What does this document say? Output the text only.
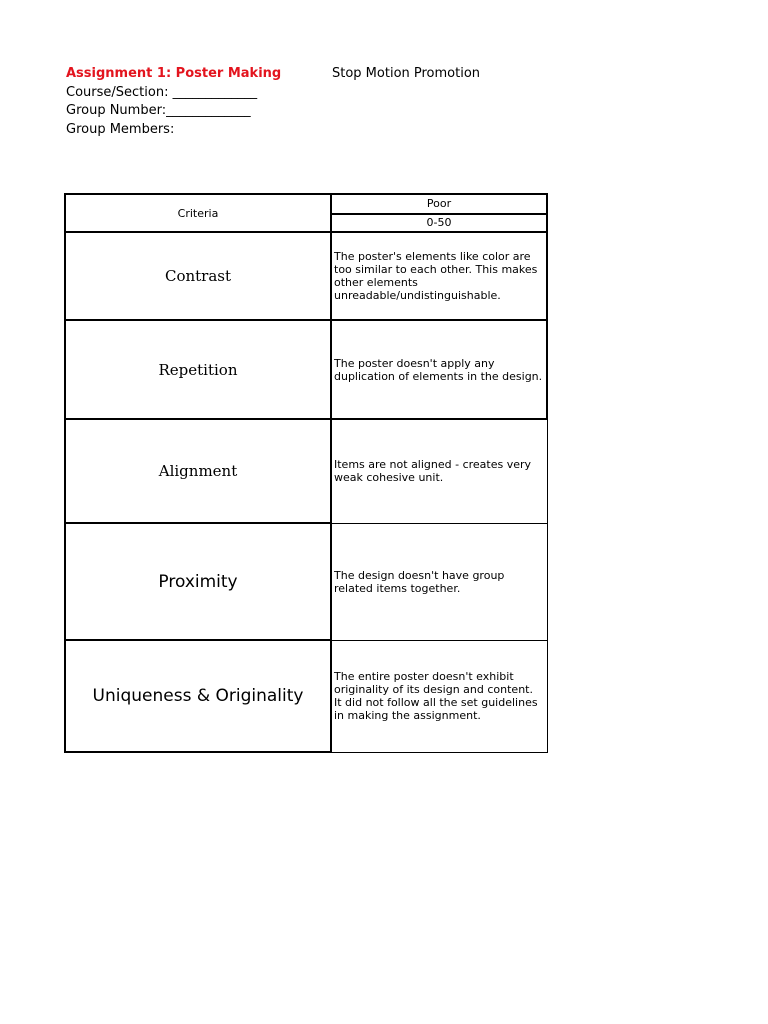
Assignment 1: Poster Making	Stop Motion Promotion
Course/Section: _____________
Group Number:_____________
Group Members:
Criteria	Poor
	0-50
Contrast	The poster's elements like color are too similar to each other. This makes other elements unreadable/undistinguishable.

Repetition	The poster doesn't apply any duplication of elements in the design.

Alignment	Items are not aligned - creates very weak cohesive unit.

Proximity	The design doesn't have group related items together.

Uniqueness & Originality	The entire poster doesn't exhibit originality of its design and content. It did not follow all the set guidelines in making the assignment.
